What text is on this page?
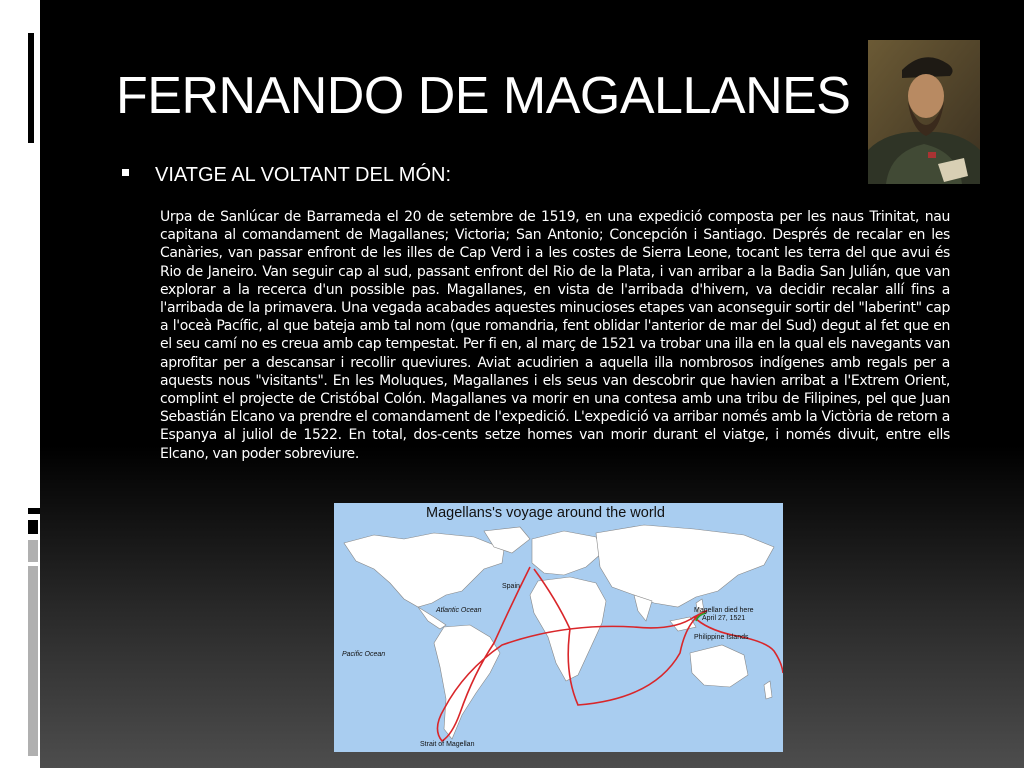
FERNANDO DE MAGALLANES
VIATGE AL VOLTANT DEL MÓN:
Urpa de Sanlúcar de Barrameda el 20 de setembre de 1519, en una expedició composta per les naus Trinitat, nau capitana al comandament de Magallanes; Victoria; San Antonio; Concepción i Santiago. Després de recalar en les Canàries, van passar enfront de les illes de Cap Verd i a les costes de Sierra Leone, tocant les terra del que avui és Rio de Janeiro. Van seguir cap al sud, passant enfront del Rio de la Plata, i van arribar a la Badia San Julián, que van explorar a la recerca d'un possible pas. Magallanes, en vista de l'arribada d'hivern, va decidir recalar allí fins a l'arribada de la primavera. Una vegada acabades aquestes minucioses etapes van aconseguir sortir del "laberint" cap a l'oceà Pacífic, al que bateja amb tal nom (que romandria, fent oblidar l'anterior de mar del Sud) degut al fet que en el seu camí no es creua amb cap tempestat. Per fi en, al març de 1521 va trobar una illa en la qual els navegants van aprofitar per a descansar i recollir queviures. Aviat acudirien a aquella illa nombrosos indígenes amb regals per a aquests nous "visitants". En les Moluques, Magallanes i els seus van descobrir que havien arribat a l'Extrem Orient, complint el projecte de Cristóbal Colón. Magallanes va morir en una contesa amb una tribu de Filipines, pel que Juan Sebastián Elcano va prendre el comandament de l'expedició. L'expedició va arribar només amb la Victòria de retorn a Espanya al juliol de 1522. En total, dos-cents setze homes van morir durant el viatge, i només divuit, entre ells Elcano, van poder sobreviure.
Magellans's voyage around the world
Spain
Atlantic Ocean
Pacific Ocean
Strait of Magellan
Magellan died here
April 27, 1521
Philippine Islands
